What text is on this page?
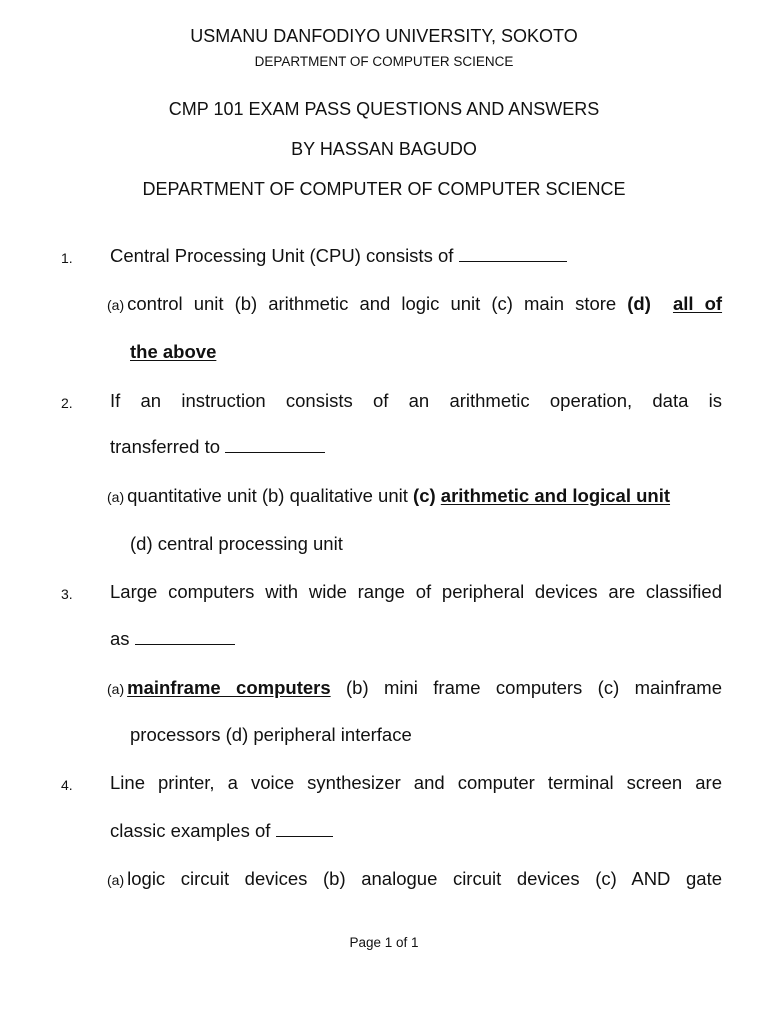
USMANU DANFODIYO UNIVERSITY, SOKOTO
DEPARTMENT OF COMPUTER SCIENCE
CMP 101 EXAM PASS QUESTIONS AND ANSWERS
BY HASSAN BAGUDO
DEPARTMENT OF COMPUTER OF COMPUTER SCIENCE
1. Central Processing Unit (CPU) consists of
(a) control unit (b) arithmetic and logic unit (c) main store (d) all of
the above
2. If an instruction consists of an arithmetic operation, data is
transferred to
(a) quantitative unit (b) qualitative unit (c) arithmetic and logical unit
(d) central processing unit
3. Large computers with wide range of peripheral devices are classified
as
(a) mainframe computers (b) mini frame computers (c) mainframe
processors (d) peripheral interface
4. Line printer, a voice synthesizer and computer terminal screen are
classic examples of
(a) logic circuit devices (b) analogue circuit devices (c) AND gate
Page 1 of 1
